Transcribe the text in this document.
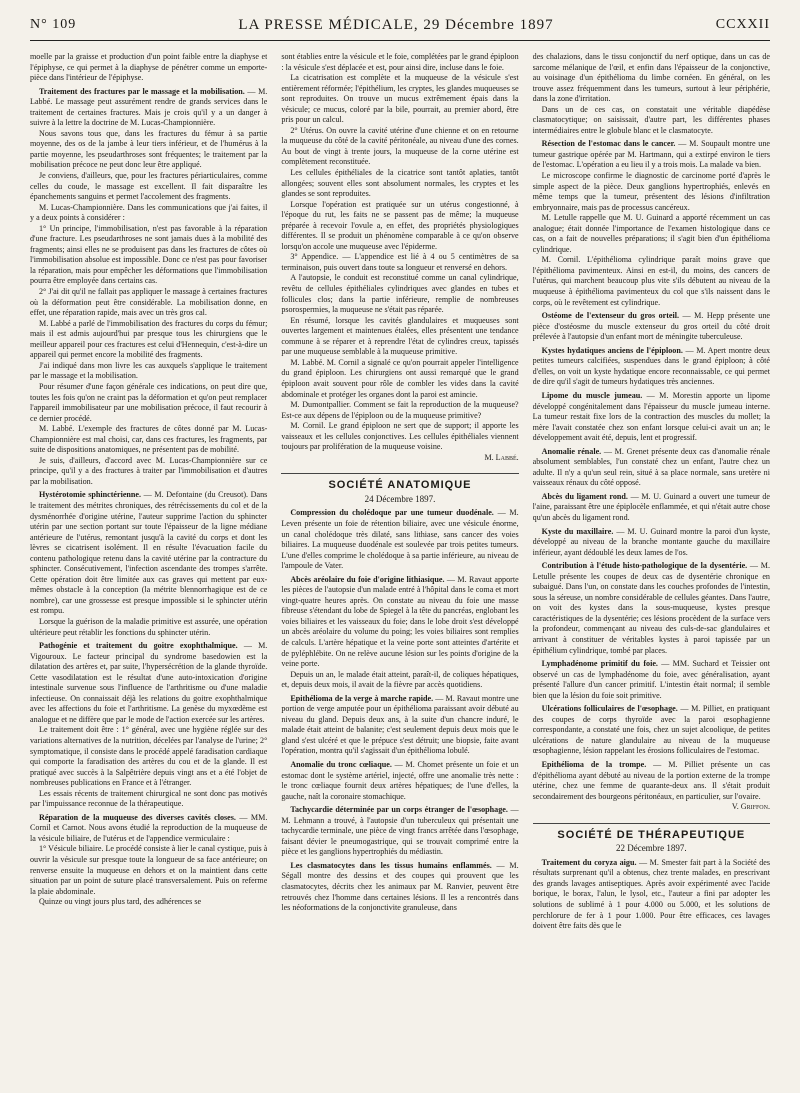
N° 109	LA PRESSE MÉDICALE, 29 Décembre 1897	CCXXII

moelle par la graisse et production d'un point faible entre la diaphyse et l'épiphyse, ce qui permet à la diaphyse de pénétrer comme un emporte-pièce dans l'intérieur de l'épiphyse.

Traitement des fractures par le massage et la mobilisation. — M. Labbé. Le massage peut assurément rendre de grands services dans le traitement de certaines fractures. Mais je crois qu'il y a un danger à suivre à la lettre la doctrine de M. Lucas-Championnière.

Nous savons tous que, dans les fractures du fémur à sa partie moyenne, des os de la jambe à leur tiers inférieur, et de l'humérus à la partie moyenne, les pseudarthroses sont fréquentes; le traitement par la mobilisation précoce ne peut donc leur être appliqué.

Je conviens, d'ailleurs, que, pour les fractures périarticulaires, comme celles du coude, le massage est excellent. Il fait disparaître les épanchements sanguins et permet l'accolement des fragments.

M. Lucas-Championnière. Dans les communications que j'ai faites, il y a deux points à considérer :

1° Un principe, l'immobilisation, n'est pas favorable à la réparation d'une fracture. Les pseudarthroses ne sont jamais dues à la mobilité des fragments; ainsi elles ne se produisent pas dans les fractures de côtes où l'immobilisation absolue est impossible. Donc ce n'est pas pour favoriser la réparation, mais pour empêcher les déformations que l'immobilisation pourra être employée dans certains cas.

2° J'ai dit qu'il ne fallait pas appliquer le massage à certaines fractures où la déformation peut être considérable. La mobilisation donne, en effet, une réparation rapide, mais avec un très gros cal.

M. Labbé a parlé de l'immobilisation des fractures du corps du fémur; mais il est admis aujourd'hui par presque tous les chirurgiens que le meilleur appareil pour ces fractures est celui d'Hennequin, c'est-à-dire un appareil qui permet encore la mobilité des fragments.

J'ai indiqué dans mon livre les cas auxquels s'applique le traitement par le massage et la mobilisation.

Pour résumer d'une façon générale ces indications, on peut dire que, toutes les fois qu'on ne craint pas la déformation et qu'on peut remplacer l'appareil immobilisateur par une mobilisation précoce, il faut recourir à ce dernier procédé.

M. Labbé. L'exemple des fractures de côtes donné par M. Lucas-Championnière est mal choisi, car, dans ces fractures, les fragments, par suite de dispositions anatomiques, ne présentent pas de mobilité.

Je suis, d'ailleurs, d'accord avec M. Lucas-Championnière sur ce principe, qu'il y a des fractures à traiter par l'immobilisation et d'autres par la mobilisation.

Hystérotomie sphinctérienne. — M. Defontaine (du Creusot). Dans le traitement des métrites chroniques, des rétrécissements du col et de la dysménorrhée d'origine utérine, l'auteur supprime l'action du sphincter utérin par une section portant sur toute l'épaisseur de la ligne médiane antérieure de l'utérus, remontant jusqu'à la cavité du corps et dont les lèvres se cicatrisent isolément. Il en résulte l'évacuation facile du contenu pathologique retenu dans la cavité utérine par la contracture du sphincter. Consécutivement, l'infection ascendante des trompes s'arrête. Cette opération doit être limitée aux cas graves qui mettent par eux-mêmes obstacle à la conception (la métrite blennorrhagique est de ce nombre), car une grossesse est presque impossible si le sphincter utérin est rompu.

Lorsque la guérison de la maladie primitive est assurée, une opération ultérieure peut rétablir les fonctions du sphincter utérin.

Pathogénie et traitement du goitre exophthalmique. — M. Vigouroux. Le facteur principal du syndrome basedowien est la dilatation des artères et, par suite, l'hypersécrétion de la glande thyroïde. Cette vasodilatation est le résultat d'une auto-intoxication d'origine intestinale survenue sous l'influence de l'arthritisme ou d'une maladie infectieuse. On connaissait déjà les relations du goitre exophthalmique avec les affections du foie et l'arthritisme. La genèse du myxœdème est analogue et ne diffère que par le mode de l'action exercée sur les artères.

Le traitement doit être : 1° général, avec une hygiène réglée sur des variations alternatives de la nutrition, décelées par l'analyse de l'urine; 2° symptomatique, il consiste dans le procédé appelé faradisation cardiaque qui comporte la faradisation des artères du cou et de la glande. Il est pratiqué avec succès à la Salpêtrière depuis vingt ans et a été l'objet de nombreuses publications en France et à l'étranger.

Les essais récents de traitement chirurgical ne sont donc pas motivés par l'impuissance reconnue de la thérapeutique.

Réparation de la muqueuse des diverses cavités closes. — MM. Cornil et Carnot. Nous avons étudié la reproduction de la muqueuse de la vésicule biliaire, de l'utérus et de l'appendice vermiculaire :

1° Vésicule biliaire. Le procédé consiste à lier le canal cystique, puis à ouvrir la vésicule sur presque toute la longueur de sa face antérieure; on renverse ensuite la muqueuse en dehors et on la maintient dans cette situation par un point de suture placé transversalement. Puis on referme la plaie abdominale.

Quinze ou vingt jours plus tard, des adhérences se

sont établies entre la vésicule et le foie, complétées par le grand épiploon : la vésicule s'est déplacée et est, pour ainsi dire, incluse dans le foie.

La cicatrisation est complète et la muqueuse de la vésicule s'est entièrement réformée; l'épithélium, les cryptes, les glandes muqueuses se sont reproduites. On trouve un mucus extrêmement épais dans la vésicule; ce mucus, coloré par la bile, pourrait, au premier abord, être pris pour un calcul.

2° Utérus. On ouvre la cavité utérine d'une chienne et on en retourne la muqueuse du côté de la cavité péritonéale, au niveau d'une des cornes. Au bout de vingt à trente jours, la muqueuse de la corne utérine est complètement reconstituée.

Les cellules épithéliales de la cicatrice sont tantôt aplaties, tantôt allongées; souvent elles sont absolument normales, les cryptes et les glandes se sont reproduites.

Lorsque l'opération est pratiquée sur un utérus congestionné, à l'époque du rut, les faits ne se passent pas de même; la muqueuse préparée à recevoir l'ovule a, en effet, des propriétés physiologiques différentes. Il se produit un phénomène comparable à ce qu'on observe lorsqu'on accole une muqueuse avec l'épiderme.

3° Appendice. — L'appendice est lié à 4 ou 5 centimètres de sa terminaison, puis ouvert dans toute sa longueur et renversé en dehors.

A l'autopsie, le conduit est reconstitué comme un canal cylindrique, revêtu de cellules épithéliales cylindriques avec glandes en tubes et follicules clos; dans la partie inférieure, remplie de nombreuses psorospermies, la muqueuse ne s'était pas réparée.

En résumé, lorsque les cavités glandulaires et muqueuses sont ouvertes largement et maintenues étalées, elles présentent une tendance commune à se réparer et à reprendre l'état de cylindres creux, tapissés par une muqueuse semblable à la muqueuse primitive.

M. Labbé. M. Cornil a signalé ce qu'on pourrait appeler l'intelligence du grand épiploon. Les chirurgiens ont aussi remarqué que le grand épiploon avait souvent pour rôle de combler les vides dans la cavité abdominale et protéger les organes dont la paroi est amincie.

M. Dumontpallier. Comment se fait la reproduction de la muqueuse? Est-ce aux dépens de l'épiploon ou de la muqueuse primitive?

M. Cornil. Le grand épiploon ne sert que de support; il apporte les vaisseaux et les cellules conjonctives. Les cellules épithéliales viennent toujours par prolifération de la muqueuse voisine.

M. Labbé.

SOCIÉTÉ ANATOMIQUE
24 Décembre 1897.

Compression du cholédoque par une tumeur duodénale. — M. Leven présente un foie de rétention biliaire, avec une vésicule énorme, un canal cholédoque très dilaté, sans lithiase, sans cancer des voies biliaires. La muqueuse duodénale est soulevée par trois petites tumeurs. L'une d'elles comprime le cholédoque à sa partie inférieure, au niveau de l'ampoule de Vater.

Abcès aréolaire du foie d'origine lithiasique. — M. Ravaut apporte les pièces de l'autopsie d'un malade entré à l'hôpital dans le coma et mort vingt-quatre heures après. On constate au niveau du foie une masse fibreuse s'étendant du lobe de Spiegel à la tête du pancréas, englobant les voies biliaires et les vaisseaux du foie; dans le lobe droit s'est développé un abcès aréolaire du volume du poing; les voies biliaires sont remplies de calculs. L'artère hépatique et la veine porte sont atteintes d'artérite et de pyléphlébite. On ne relève aucune lésion sur les points d'origine de la veine porte.

Depuis un an, le malade était atteint, paraît-il, de coliques hépatiques, et, depuis deux mois, il avait de la fièvre par accès quotidiens.

Epithélioma de la verge à marche rapide. — M. Ravaut montre une portion de verge amputée pour un épithélioma paraissant avoir débuté au niveau du gland. Depuis deux ans, à la suite d'un chancre induré, le malade était atteint de balanite; c'est seulement depuis deux mois que le gland s'est ulcéré et que le prépuce s'est détruit; une biopsie, faite avant l'opération, montra qu'il s'agissait d'un épithélioma lobulé.

Anomalie du tronc cœliaque. — M. Chomet présente un foie et un estomac dont le système artériel, injecté, offre une anomalie très nette : le tronc cœliaque fournit deux artères hépatiques; de l'une d'elles, la gauche, naît la coronaire stomachique.

Tachycardie déterminée par un corps étranger de l'œsophage. — M. Lehmann a trouvé, à l'autopsie d'un tuberculeux qui présentait une tachycardie terminale, une pièce de vingt francs arrêtée dans l'œsophage, faisant dévier le pneumogastrique, qui se trouvait comprimé entre la pièce et les ganglions hypertrophiés du médiastin.

Les clasmatocytes dans les tissus humains enflammés. — M. Ségall montre des dessins et des coupes qui prouvent que les clasmatocytes, décrits chez les animaux par M. Ranvier, peuvent être retrouvés chez l'homme dans certaines lésions. Il les a rencontrés dans les néoformations de la conjonctivite granuleuse, dans

des chalazions, dans le tissu conjonctif du nerf optique, dans un cas de sarcome mélanique de l'œil, et enfin dans l'épaisseur de la conjonctive, au voisinage d'un épithélioma du limbe cornéen. En général, on les trouve assez fréquemment dans les tumeurs, surtout à leur périphérie, dans la zone d'irritation.

Dans un de ces cas, on constatait une véritable diapédèse clasmatocytique; on saisissait, d'autre part, les différentes phases intermédiaires entre le globule blanc et le clasmatocyte.

Résection de l'estomac dans le cancer. — M. Soupault montre une tumeur gastrique opérée par M. Hartmann, qui a extirpé environ le tiers de l'estomac. L'opération a eu lieu il y a trois mois. La malade va bien.

Le microscope confirme le diagnostic de carcinome porté d'après le simple aspect de la pièce. Deux ganglions hypertrophiés, enlevés en même temps que la tumeur, présentent des lésions d'infiltration embryonnaire, mais pas de processus cancéreux.

M. Letulle rappelle que M. U. Guinard a apporté récemment un cas analogue; était donnée l'importance de l'examen histologique dans ce cas, on a fait de nouvelles préparations; il s'agit bien d'un épithélioma cylindrique.

M. Cornil. L'épithélioma cylindrique paraît moins grave que l'épithélioma pavimenteux. Ainsi en est-il, du moins, des cancers de l'utérus, qui marchent beaucoup plus vite s'ils débutent au niveau de la muqueuse à épithélioma pavimenteux du col que s'ils naissent dans le corps, où le revêtement est cylindrique.

Ostéome de l'extenseur du gros orteil. — M. Hepp présente une pièce d'ostéosme du muscle extenseur du gros orteil du côté droit prélevée à l'autopsie d'un enfant mort de méningite tuberculeuse.

Kystes hydatiques anciens de l'épiploon. — M. Apert montre deux petites tumeurs calcifiées, suspendues dans le grand épiploon; à côté d'elles, on voit un kyste hydatique encore reconnaissable, ce qui permet de dire qu'il s'agit de tumeurs hydatiques très anciennes.

Lipome du muscle jumeau. — M. Morestin apporte un lipome développé congénitalement dans l'épaisseur du muscle jumeau interne. La tumeur restait fixe lors de la contraction des muscles du mollet; la mère l'avait constatée chez son enfant lorsque celui-ci avait un an; le développement avait été, depuis, lent et progressif.

Anomalie rénale. — M. Grenet présente deux cas d'anomalie rénale absolument semblables, l'un constaté chez un enfant, l'autre chez un adulte. Il n'y a qu'un seul rein, situé à sa place normale, sans uretère ni vaisseaux rénaux du côté opposé.

Abcès du ligament rond. — M. U. Guinard a ouvert une tumeur de l'aine, paraissant être une épiplocèle enflammée, et qui n'était autre chose qu'un abcès du ligament rond.

Kyste du maxillaire. — M. U. Guinard montre la paroi d'un kyste, développé au niveau de la branche montante gauche du maxillaire inférieur, ayant dédoublé les deux lames de l'os.

Contribution à l'étude histo-pathologique de la dysentérie. — M. Letulle présente les coupes de deux cas de dysentérie chronique en subaigué. Dans l'un, on constate dans les couches profondes de l'intestin, sous la séreuse, un nombre considérable de cellules géantes. Dans l'autre, on voit des kystes dans la sous-muqueuse, kystes presque caractéristiques de la dysentérie; ces lésions procèdent de la surface vers la profondeur, commençant au niveau des culs-de-sac glandulaires et arrivant à constituer de véritables kystes à paroi tapissée par un épithélium cylindrique, tombé par places.

Lymphadénome primitif du foie. — MM. Suchard et Teissier ont observé un cas de lymphadénome du foie, avec généralisation, ayant présenté l'allure d'un cancer primitif. L'intestin était normal; il semble bien que la lésion du foie soit primitive.

Ulcérations folliculaires de l'œsophage. — M. Pilliet, en pratiquant des coupes de corps thyroïde avec la paroi œsophagienne correspondante, a constaté une fois, chez un sujet alcoolique, de petites ulcérations de nature glandulaire au niveau de la muqueuse œsophagienne, lésion rappelant les érosions folliculaires de l'estomac.

Epithélioma de la trompe. — M. Pilliet présente un cas d'épithélioma ayant débuté au niveau de la portion externe de la trompe utérine, chez une femme de quarante-deux ans. Il s'était produit secondairement des bourgeons péritonéaux, en particulier, sur l'ovaire.

V. Griffon.

SOCIÉTÉ DE THÉRAPEUTIQUE
22 Décembre 1897.

Traitement du coryza aigu. — M. Smester fait part à la Société des résultats surprenant qu'il a obtenus, chez trente malades, en prescrivant des grands lavages antiseptiques. Après avoir expérimenté avec l'acide borique, le borax, l'alun, le lysol, etc., l'auteur a fini par adopter les solutions de sublimé à 1 pour 4.000 ou 5.000, et les solutions de perchlorure de fer à 1 pour 1.000. Pour être efficaces, ces lavages doivent être faits dès que le
